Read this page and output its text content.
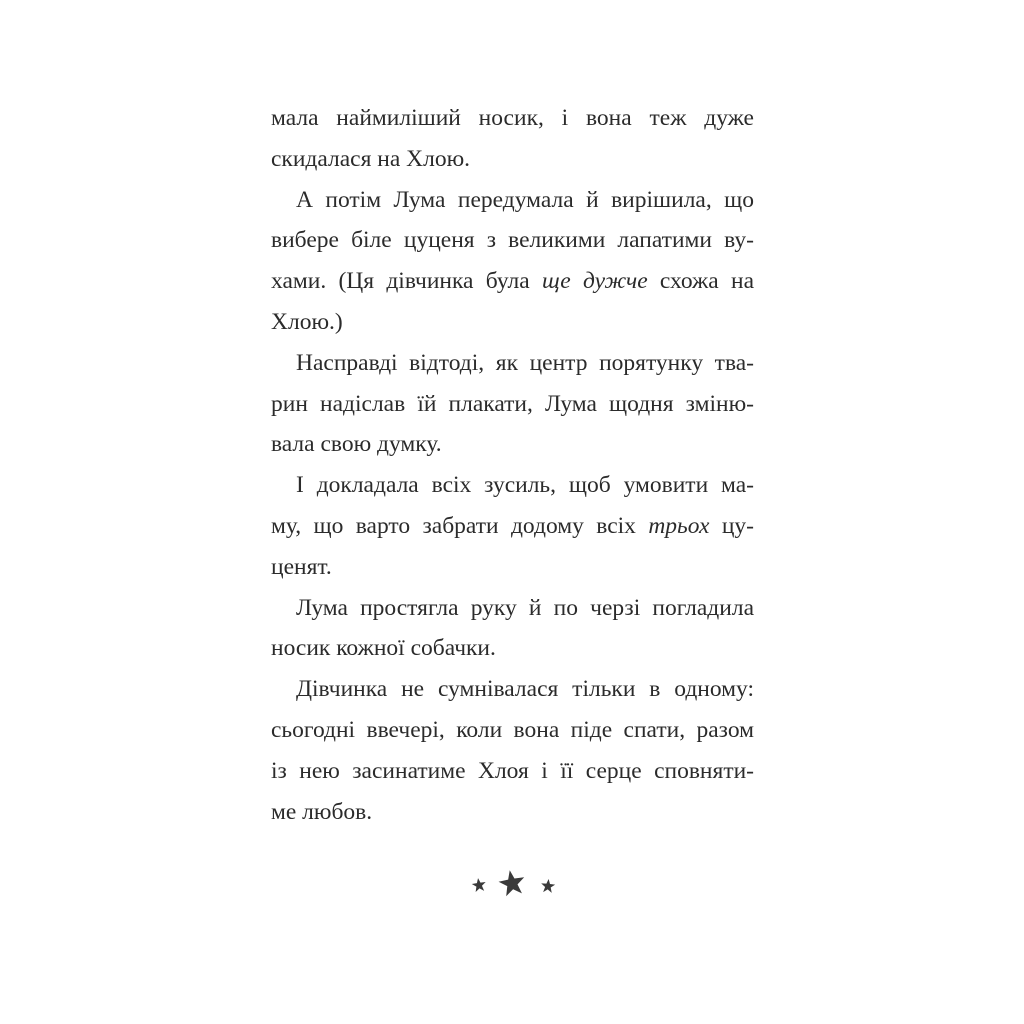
мала наймиліший носик, і вона теж дуже
скидалася на Хлою.
А потім Лума передумала й вирішила, що
вибере біле цуценя з великими лапатими ву-
хами. (Ця дівчинка була ще дужче схожа на
Хлою.)
Насправді відтоді, як центр порятунку тва-
рин надіслав їй плакати, Лума щодня зміню-
вала свою думку.
І докладала всіх зусиль, щоб умовити ма-
му, що варто забрати додому всіх трьох цу-
ценят.
Лума простягла руку й по черзі погладила
носик кожної собачки.
Дівчинка не сумнівалася тільки в одному:
сьогодні ввечері, коли вона піде спати, разом
із нею засинатиме Хлоя і її серце сповняти-
ме любов.
